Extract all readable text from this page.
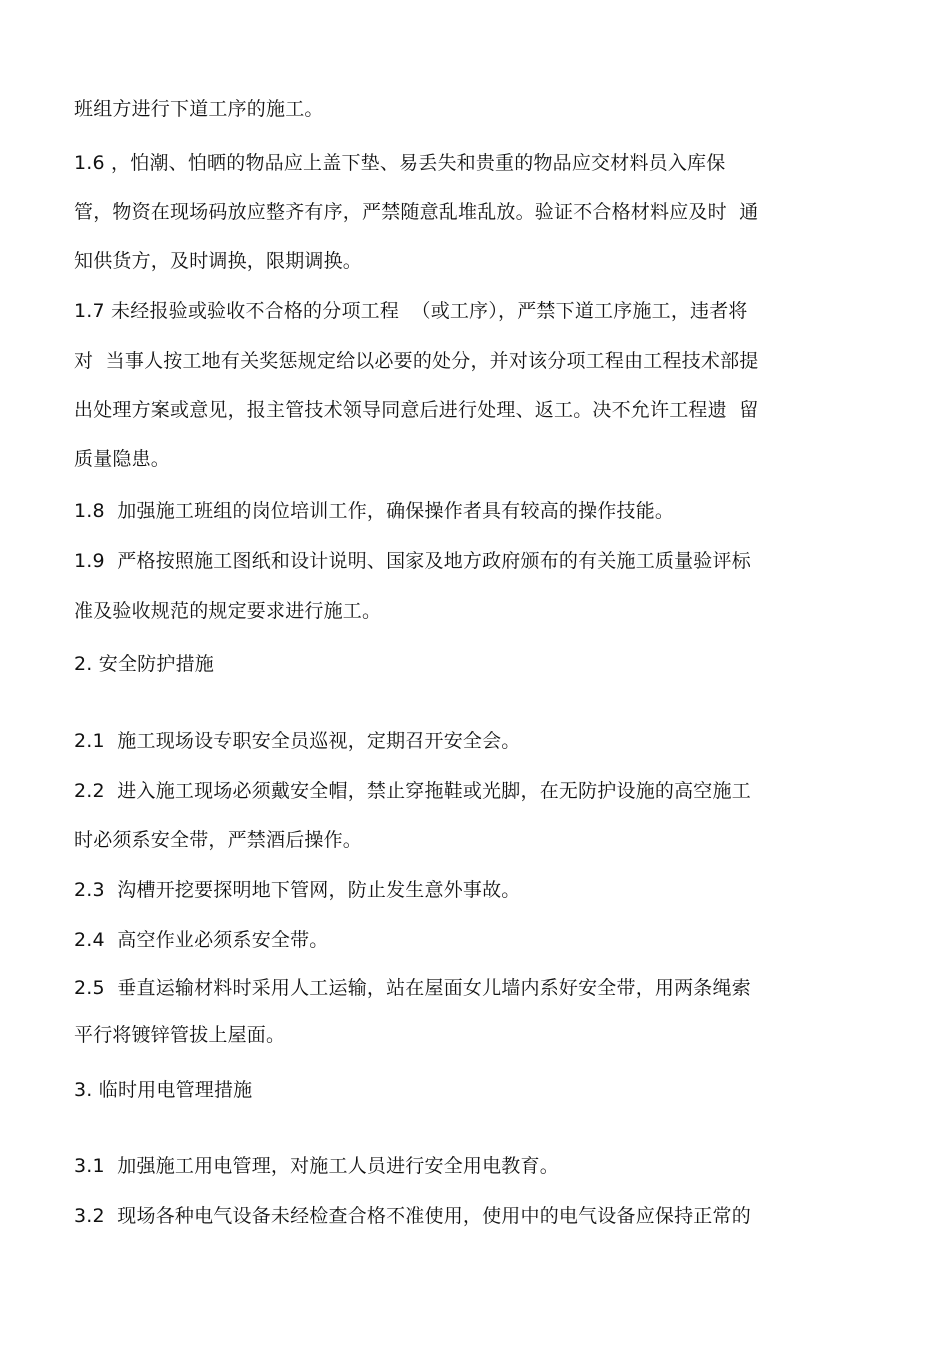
班组方进行下道工序的施工。
1.6 ，怕潮、怕晒的物品应上盖下垫、易丢失和贵重的物品应交材料员入库保
管，物资在现场码放应整齐有序，严禁随意乱堆乱放。验证不合格材料应及时  通
知供货方，及时调换，限期调换。
1.7 未经报验或验收不合格的分项工程  （或工序），严禁下道工序施工，违者将
对  当事人按工地有关奖惩规定给以必要的处分，并对该分项工程由工程技术部提
出处理方案或意见，报主管技术领导同意后进行处理、返工。决不允许工程遗  留
质量隐患。
1.8  加强施工班组的岗位培训工作，确保操作者具有较高的操作技能。
1.9  严格按照施工图纸和设计说明、国家及地方政府颁布的有关施工质量验评标
准及验收规范的规定要求进行施工。
2. 安全防护措施
2.1  施工现场设专职安全员巡视，定期召开安全会。
2.2  进入施工现场必须戴安全帽，禁止穿拖鞋或光脚，在无防护设施的高空施工
时必须系安全带，严禁酒后操作。
2.3  沟槽开挖要探明地下管网，防止发生意外事故。
2.4  高空作业必须系安全带。
2.5  垂直运输材料时采用人工运输，站在屋面女儿墙内系好安全带，用两条绳索
平行将镀锌管拔上屋面。
3. 临时用电管理措施
3.1  加强施工用电管理，对施工人员进行安全用电教育。
3.2  现场各种电气设备未经检查合格不准使用，使用中的电气设备应保持正常的
